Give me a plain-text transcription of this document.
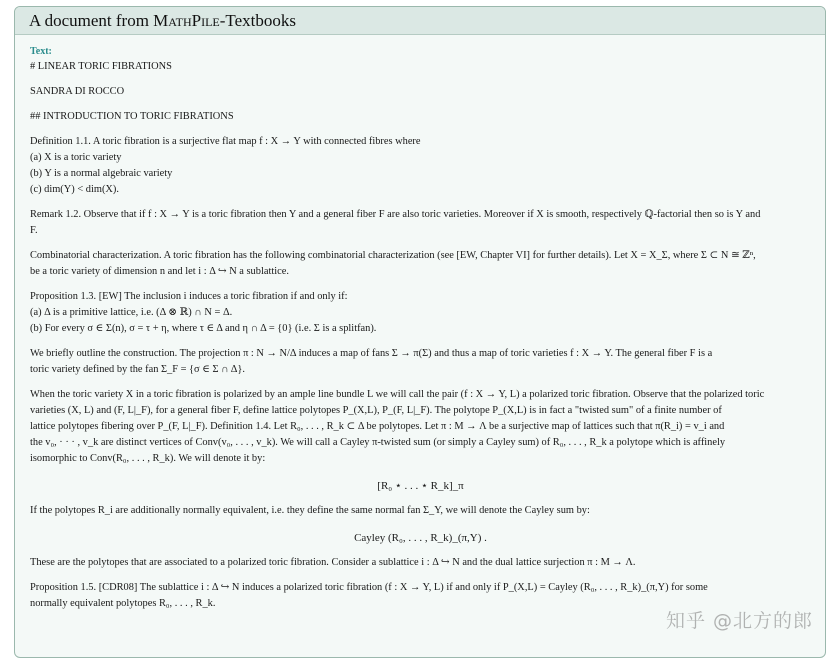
A document from MathPile-Textbooks
Text:

# LINEAR TORIC FIBRATIONS

SANDRA DI ROCCO

## INTRODUCTION TO TORIC FIBRATIONS

Definition 1.1. A toric fibration is a surjective flat map f : X → Y with connected fibres where

(a) X is a toric variety

(b) Y is a normal algebraic variety

(c) dim(Y) < dim(X).

Remark 1.2. Observe that if f : X → Y is a toric fibration then Y and a general fiber F are also toric varieties. Moreover if X is smooth, respectively ℚ-factorial then so is Y and

F.

Combinatorial characterization. A toric fibration has the following combinatorial characterization (see [EW, Chapter VI] for further details). Let X = X_Σ, where Σ ⊂ N ≅ ℤⁿ,

be a toric variety of dimension n and let i : Δ ↪ N a sublattice.

Proposition 1.3. [EW] The inclusion i induces a toric fibration if and only if:

(a) Δ is a primitive lattice, i.e. (Δ ⊗ ℝ) ∩ N = Δ.

(b) For every σ ∈ Σ(n), σ = τ + η, where τ ∈ Δ and η ∩ Δ = {0} (i.e. Σ is a splitfan).

We briefly outline the construction. The projection π : N → N/Δ induces a map of fans Σ → π(Σ) and thus a map of toric varieties f : X → Y. The general fiber F is a

toric variety defined by the fan Σ_F = {σ ∈ Σ ∩ Δ}.

When the toric variety X in a toric fibration is polarized by an ample line bundle L we will call the pair (f : X → Y, L) a polarized toric fibration. Observe that the polarized toric

varieties (X, L) and (F, L|_F), for a general fiber F, define lattice polytopes P_(X,L), P_(F, L|_F). The polytope P_(X,L) is in fact a "twisted sum" of a finite number of

lattice polytopes fibering over P_(F, L|_F). Definition 1.4. Let R₀, . . . , R_k ⊂ Δ be polytopes. Let π : M → Λ be a surjective map of lattices such that π(R_i) = v_i and

the v₀, · · · , v_k are distinct vertices of Conv(v₀, . . . , v_k). We will call a Cayley π-twisted sum (or simply a Cayley sum) of R₀, . . . , R_k a polytope which is affinely

isomorphic to Conv(R₀, . . . , R_k). We will denote it by:

[R₀ ⋆ . . . ⋆ R_k]_π

If the polytopes R_i are additionally normally equivalent, i.e. they define the same normal fan Σ_Y, we will denote the Cayley sum by:

Cayley (R₀, . . . , R_k)_(π,Y) .

These are the polytopes that are associated to a polarized toric fibration. Consider a sublattice i : Δ ↪ N and the dual lattice surjection π : M → Λ.

Proposition 1.5. [CDR08] The sublattice i : Δ ↪ N induces a polarized toric fibration (f : X → Y, L) if and only if P_(X,L) = Cayley (R₀, . . . , R_k)_(π,Y) for some

normally equivalent polytopes R₀, . . . , R_k.

知乎 @北方的郎
